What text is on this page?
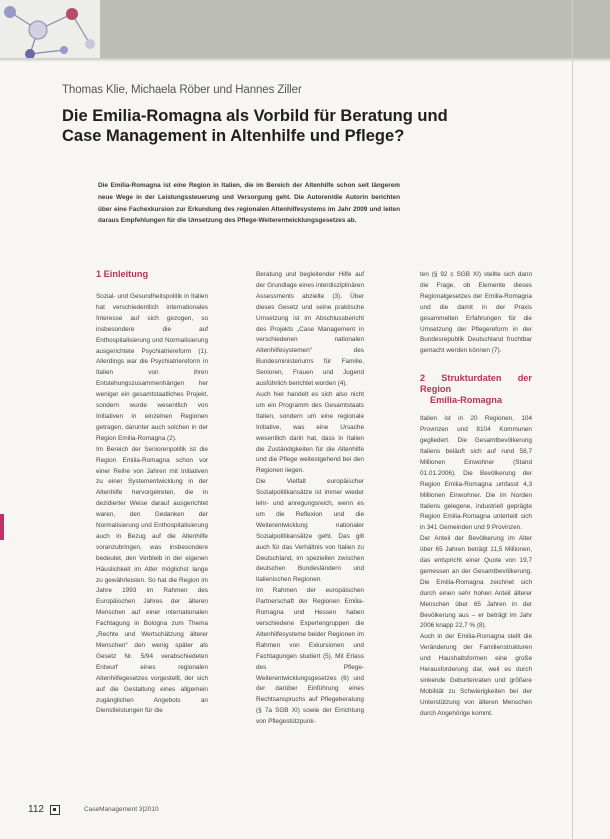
Thomas Klie, Michaela Röber und Hannes Ziller
Die Emilia-Romagna als Vorbild für Beratung und Case Management in Altenhilfe und Pflege?
Die Emilia-Romagna ist eine Region in Italien, die im Bereich der Altenhilfe schon seit längerem neue Wege in der Leistungssteuerung und Versorgung geht. Die Autoren/die Autorin berichten über eine Fachexkursion zur Erkundung des regionalen Altenhilfesystems im Jahr 2009 und leiten daraus Empfehlungen für die Umsetzung des Pflege-Weiterentwicklungsgesetzes ab.
1 Einleitung

Sozial- und Gesundheitspolitik in Italien hat verschiedentlich internationales Interesse auf sich gezogen, so insbesondere die auf Enthospitalisierung und Normalisierung ausgerichtete Psychiatriereform (1). Allerdings war die Psychiatriereform in Italien von ihren Entstehungszusammenhängen her weniger ein gesamtstaatliches Projekt, sondern wurde wesentlich von Initiativen in einzelnen Regionen getragen, darunter auch solchen in der Region Emilia-Romagna (2).

Im Bereich der Seniorenpolitik ist die Region Emilia-Romagna schon vor einer Reihe von Jahren mit Initiativen zu einer Systementwicklung in der Altenhilfe hervorgetreten, die in dezidierter Weise darauf ausgerichtet waren, den Gedanken der Normalisierung und Enthospitalisierung auch in Bezug auf die Altenhilfe voranzubringen, was insbesondere bedeutet, den Verbleib in der eigenen Häuslichkeit im Alter möglichst lange zu gewährleisten. So hat die Region im Jahre 1993 im Rahmen des Europäischen Jahres der älteren Menschen auf einer internationalen Fachtagung in Bologna zum Thema „Rechte und Wertschätzung älterer Menschen“ den wenig später als Gesetz Nr. 5/94 verabschiedeten Entwurf eines regionalen Altenhilfegesetzes vorgestellt, der sich auf die Gestaltung eines allgemein zugänglichen Angebots an Dienstleistungen für die

Beratung und begleitender Hilfe auf der Grundlage eines interdisziplinären Assessments abzielte (3). Über dieses Gesetz und seine praktische Umsetzung ist im Abschlussbericht des Projekts „Case Management in verschiedenen nationalen Altenhilfesystemen“ des Bundesministeriums für Familie, Senioren, Frauen und Jugend ausführlich berichtet worden (4).

Auch hier handelt es sich also nicht um ein Programm des Gesamtstaats Italien, sondern um eine regionale Initiative, was eine Ursache wesentlich darin hat, dass in Italien die Zuständigkeiten für die Altenhilfe und die Pflege weitestgehend bei den Regionen liegen.

Die Vielfalt europäischer Sozialpolitikansätze ist immer wieder lehr- und anregungsreich, wenn es um die Reflexion und die Weiterentwicklung nationaler Sozialpolitikansätze geht. Das gilt auch für das Verhältnis von Italien zu Deutschland, im speziellen zwischen deutschen Bundesländern und italienischen Regionen.

Im Rahmen der europäischen Partnerschaft der Regionen Emilia-Romagna und Hessen haben verschiedene Expertengruppen die Altenhilfesysteme beider Regionen im Rahmen von Exkursionen und Fachtagungen studiert (5). Mit Erlass des Pflege-Weiterentwicklungsgesetzes (6) und der darüber Einführung eines Rechtsanspruchs auf Pflegeberatung (§ 7a SGB XI) sowie der Errichtung von Pflegestützpunk-

ten (§ 92 c SGB XI) stellte sich dann die Frage, ob Elemente dieses Regionalgesetzes der Emilia-Romagna und die damit in der Praxis gesammelten Erfahrungen für die Umsetzung der Pflegereform in der Bundesrepublik Deutschland fruchtbar gemacht werden können (7).

2 Strukturdaten der Region
Emilia-Romagna

Italien ist in 20 Regionen, 104 Provinzen und 8104 Kommunen gegliedert. Die Gesamtbevölkerung Italiens beläuft sich auf rund 58,7 Millionen Einwohner (Stand 01.01.2006). Die Bevölkerung der Region Emilia-Romagna umfasst 4,3 Millionen Einwohner. Die im Norden Italiens gelegene, industriell geprägte Region Emilia-Romagna unterteilt sich in 341 Gemeinden und 9 Provinzen.

Der Anteil der Bevölkerung im Alter über 65 Jahren beträgt 11,5 Millionen, das entspricht einer Quote von 19,7 gemessen an der Gesamtbevölkerung. Die Emilia-Romagna zeichnet sich durch einen sehr hohen Anteil älterer Menschen über 65 Jahren in der Bevölkerung aus – er beträgt im Jahr 2006 knapp 22,7 % (8).

Auch in der Emilia-Romagna stellt die Veränderung der Familienstrukturen und Haushaltsformen eine große Herausforderung dar, weil es durch sinkende Geburtenraten und größere Mobilität zu Schwierigkeiten bei der Unterstützung von älteren Menschen durch Angehörige kommt.

112	CaseManagement 3|2010
